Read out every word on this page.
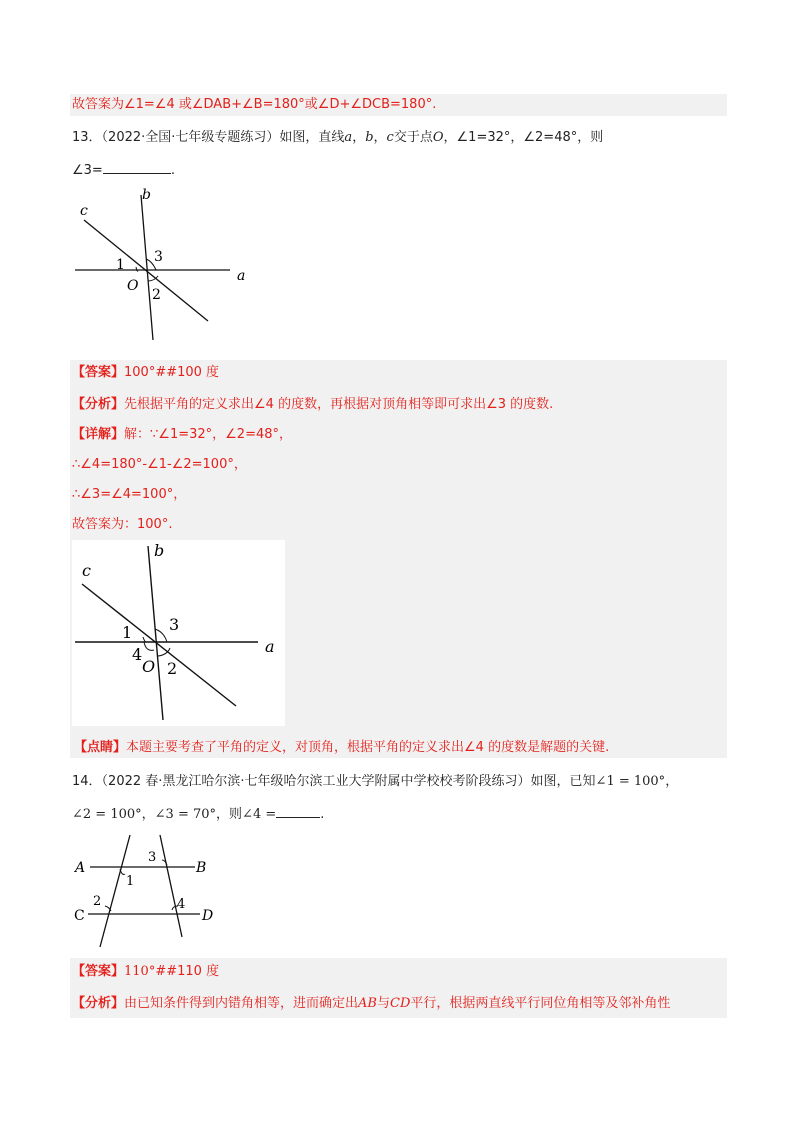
故答案为∠1=∠4 或∠DAB+∠B=180°或∠D+∠DCB=180°.
13．（2022·全国·七年级专题练习）如图，直线a，b，c交于点O，∠1=32°，∠2=48°，则
∠3=	.
c
b
a
1 3
O
2
【答案】100°##100 度
【分析】先根据平角的定义求出∠4 的度数，再根据对顶角相等即可求出∠3 的度数.
【详解】解：∵∠1=32°，∠2=48°，
∴∠4=180°-∠1-∠2=100°，
∴∠3=∠4=100°，
故答案为：100°.
c
b
a
1 3
4
O 2
【点睛】本题主要考查了平角的定义，对顶角，根据平角的定义求出∠4 的度数是解题的关键.
14．（2022 春·黑龙江哈尔滨·七年级哈尔滨工业大学附属中学校校考阶段练习）如图，已知∠1 = 100°，
∠2 = 100°，∠3 = 70°，则∠4 =	.
A	B
C	D
1
2
3
4
【答案】110°##110 度
【分析】由已知条件得到内错角相等，进而确定出AB与CD平行，根据两直线平行同位角相等及邻补角性
